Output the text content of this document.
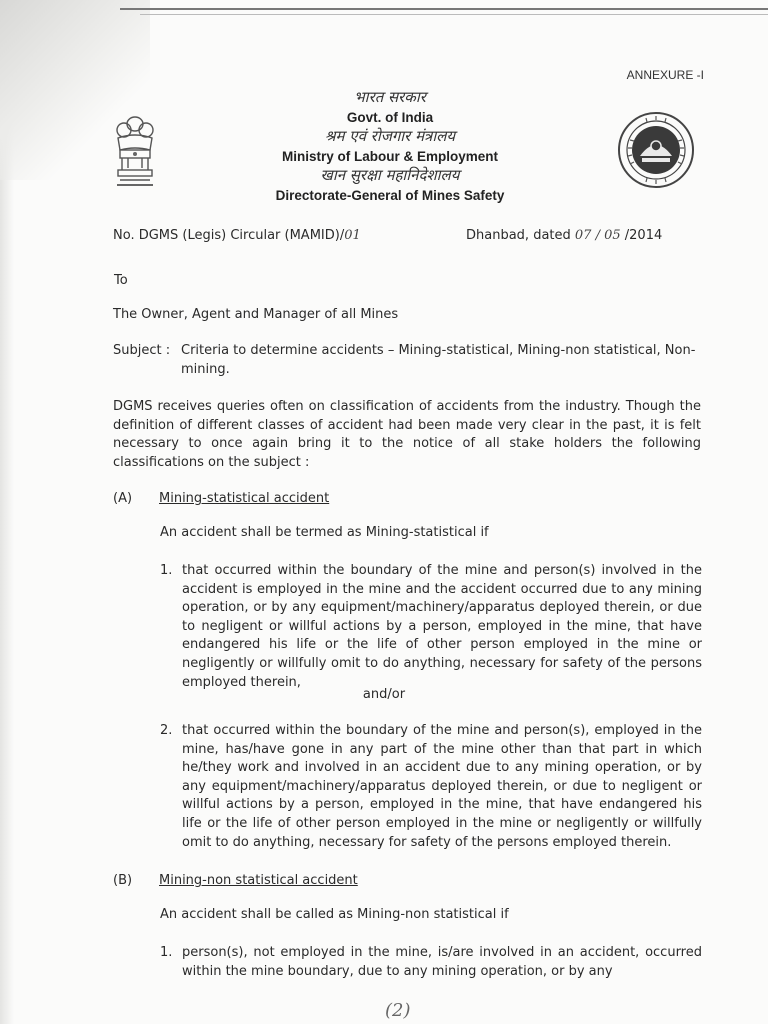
ANNEXURE -I
भारत सरकार
Govt. of India
श्रम एवं रोजगार मंत्रालय
Ministry of Labour & Employment
खान सुरक्षा महानिदेशालय
Directorate-General of Mines Safety
No. DGMS (Legis) Circular (MAMID)/01	Dhanbad, dated 07 / 05 /2014
To
The Owner, Agent and Manager of all Mines
Subject : Criteria to determine accidents – Mining-statistical, Mining-non statistical, Non-mining.
DGMS receives queries often on classification of accidents from the industry. Though the definition of different classes of accident had been made very clear in the past, it is felt necessary to once again bring it to the notice of all stake holders the following classifications on the subject :
(A) Mining-statistical accident
An accident shall be termed as Mining-statistical if
1. that occurred within the boundary of the mine and person(s) involved in the accident is employed in the mine and the accident occurred due to any mining operation, or by any equipment/machinery/apparatus deployed therein, or due to negligent or willful actions by a person, employed in the mine, that have endangered his life or the life of other person employed in the mine or negligently or willfully omit to do anything, necessary for safety of the persons employed therein,
and/or
2. that occurred within the boundary of the mine and person(s), employed in the mine, has/have gone in any part of the mine other than that part in which he/they work and involved in an accident due to any mining operation, or by any equipment/machinery/apparatus deployed therein, or due to negligent or willful actions by a person, employed in the mine, that have endangered his life or the life of other person employed in the mine or negligently or willfully omit to do anything, necessary for safety of the persons employed therein.
(B) Mining-non statistical accident
An accident shall be called as Mining-non statistical if
1. person(s), not employed in the mine, is/are involved in an accident, occurred within the mine boundary, due to any mining operation, or by any
(2)
